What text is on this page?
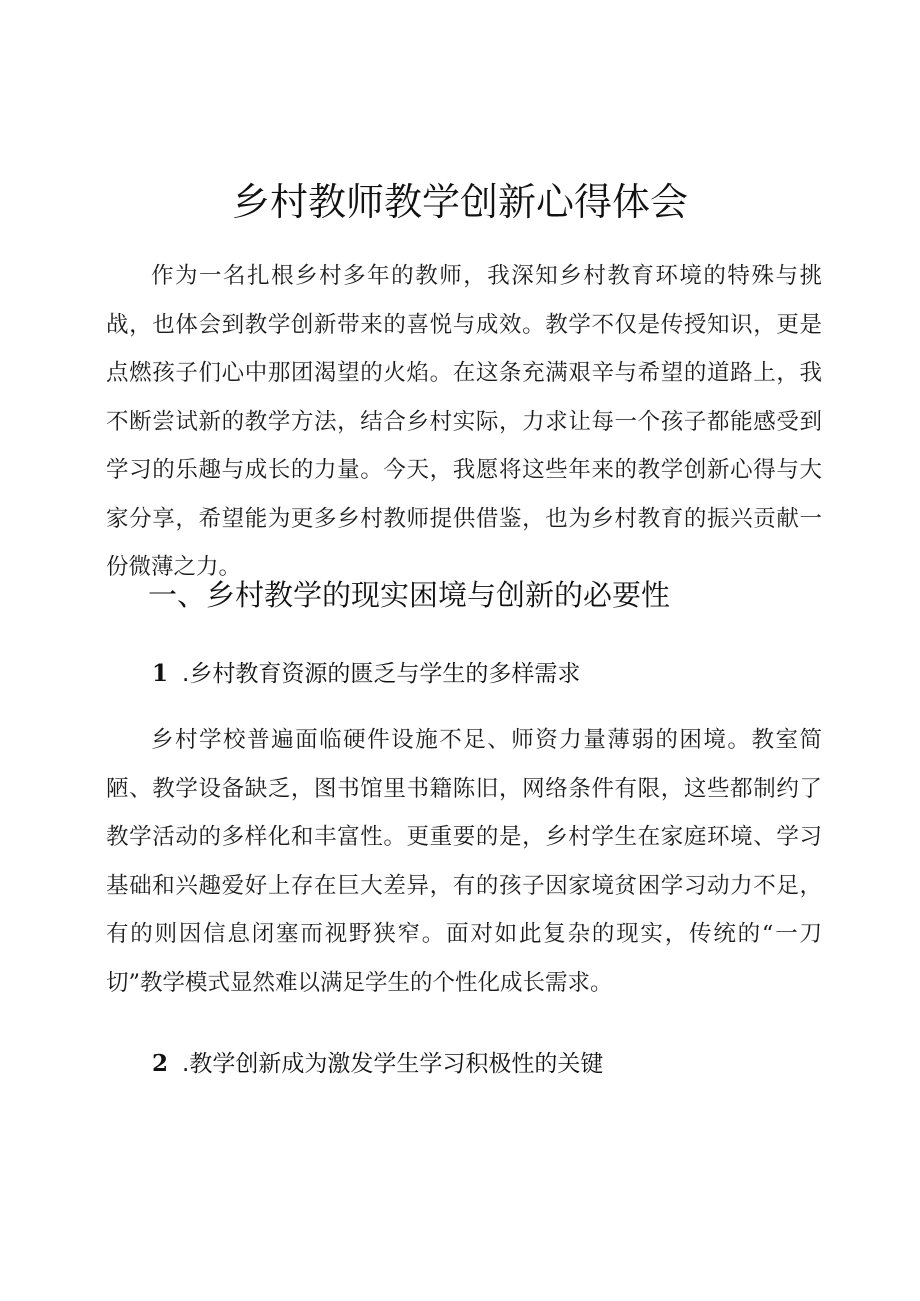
乡村教师教学创新心得体会

作为一名扎根乡村多年的教师，我深知乡村教育环境的特殊与挑战，也体会到教学创新带来的喜悦与成效。教学不仅是传授知识，更是点燃孩子们心中那团渴望的火焰。在这条充满艰辛与希望的道路上，我不断尝试新的教学方法，结合乡村实际，力求让每一个孩子都能感受到学习的乐趣与成长的力量。今天，我愿将这些年来的教学创新心得与大家分享，希望能为更多乡村教师提供借鉴，也为乡村教育的振兴贡献一份微薄之力。

一、乡村教学的现实困境与创新的必要性
1 .乡村教育资源的匮乏与学生的多样需求

乡村学校普遍面临硬件设施不足、师资力量薄弱的困境。教室简陋、教学设备缺乏，图书馆里书籍陈旧，网络条件有限，这些都制约了教学活动的多样化和丰富性。更重要的是，乡村学生在家庭环境、学习基础和兴趣爱好上存在巨大差异，有的孩子因家境贫困学习动力不足，有的则因信息闭塞而视野狭窄。面对如此复杂的现实，传统的“一刀切”教学模式显然难以满足学生的个性化成长需求。

2 .教学创新成为激发学生学习积极性的关键
